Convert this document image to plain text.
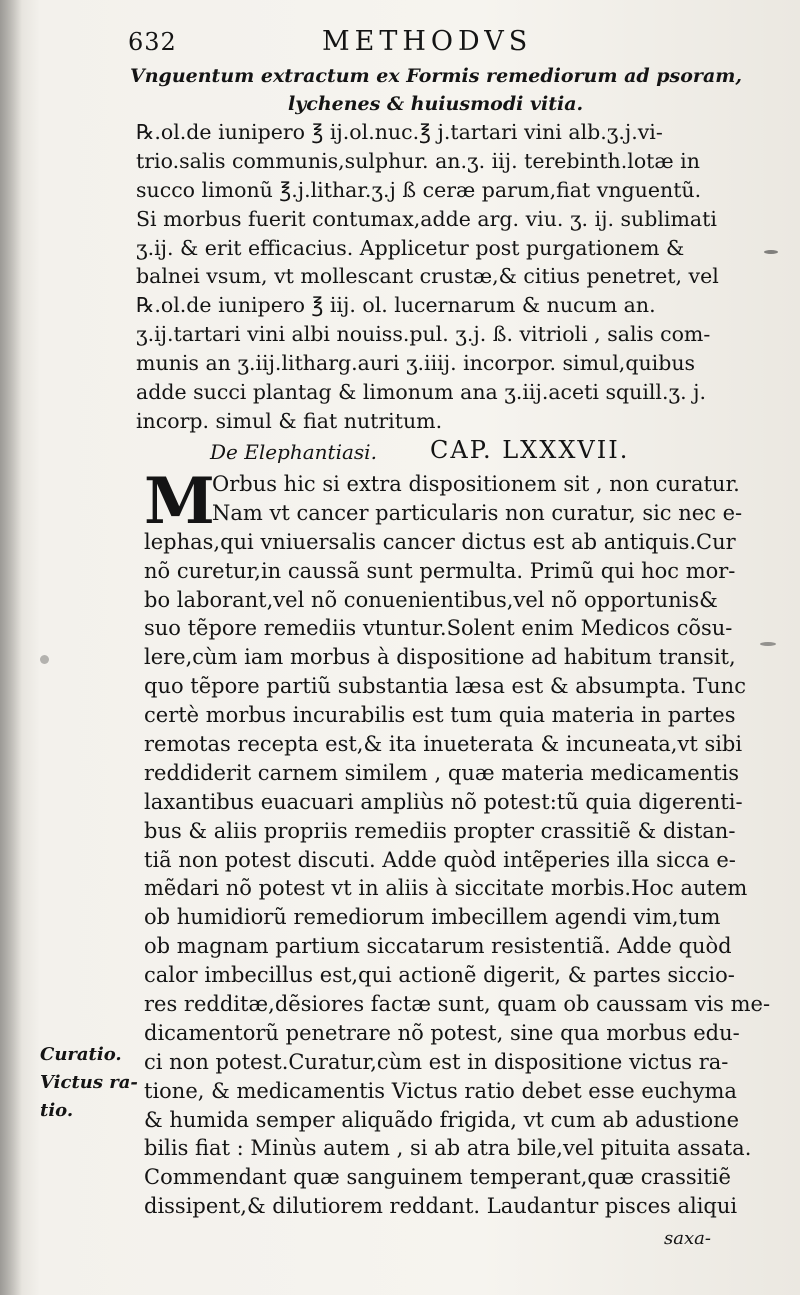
632	METHODVS
Vnguentum extractum ex Formis remediorum ad psoram,
lychenes & huiusmodi vitia.
℞.ol.de iunipero ℥ ij.ol.nuc.℥ j.tartari vini alb.ʒ.j.vi-
trio.salis communis,sulphur. an.ʒ. iij. terebinth.lotæ in
succo limonũ ℥.j.lithar.ʒ.j ß ceræ parum,fiat vnguentũ.
Si morbus fuerit contumax,adde arg. viu. ʒ. ij. sublimati
ʒ.ij. & erit efficacius. Applicetur post purgationem &
balnei vsum, vt mollescant crustæ,& citius penetret, vel
℞.ol.de iunipero ℥ iij. ol. lucernarum & nucum an.
ʒ.ij.tartari vini albi nouiss.pul. ʒ.j. ß. vitrioli , salis com-
munis an ʒ.iij.litharg.auri ʒ.iiij. incorpor. simul,quibus
adde succi plantag & limonum ana ʒ.iij.aceti squill.ʒ. j.
incorp. simul & fiat nutritum.
De Elephantiasi. CAP. LXXXVII.
M
Orbus hic si extra dispositionem sit , non curatur.
Nam vt cancer particularis non curatur, sic nec e-
lephas,qui vniuersalis cancer dictus est ab antiquis.Cur
nõ curetur,in caussã sunt permulta. Primũ qui hoc mor-
bo laborant,vel nõ conuenientibus,vel nõ opportunis&
suo tẽpore remediis vtuntur.Solent enim Medicos cõsu-
lere,cùm iam morbus à dispositione ad habitum transit,
quo tẽpore partiũ substantia læsa est & absumpta. Tunc
certè morbus incurabilis est tum quia materia in partes
remotas recepta est,& ita inueterata & incuneata,vt sibi
reddiderit carnem similem , quæ materia medicamentis
laxantibus euacuari ampliùs nõ potest:tũ quia digerenti-
bus & aliis propriis remediis propter crassitiẽ & distan-
tiã non potest discuti. Adde quòd intẽperies illa sicca e-
mẽdari nõ potest vt in aliis à siccitate morbis.Hoc autem
ob humidiorũ remediorum imbecillem agendi vim,tum
ob magnam partium siccatarum resistentiã. Adde quòd
calor imbecillus est,qui actionẽ digerit, & partes siccio-
res redditæ,dẽsiores factæ sunt, quam ob caussam vis me-
dicamentorũ penetrare nõ potest, sine qua morbus edu-
ci non potest.Curatur,cùm est in dispositione victus ra-
tione, & medicamentis Victus ratio debet esse euchyma
& humida semper aliquãdo frigida, vt cum ab adustione
bilis fiat : Minùs autem , si ab atra bile,vel pituita assata.
Commendant quæ sanguinem temperant,quæ crassitiẽ
dissipent,& dilutiorem reddant. Laudantur pisces aliqui
Curatio.
Victus ra-
tio.
saxa-
